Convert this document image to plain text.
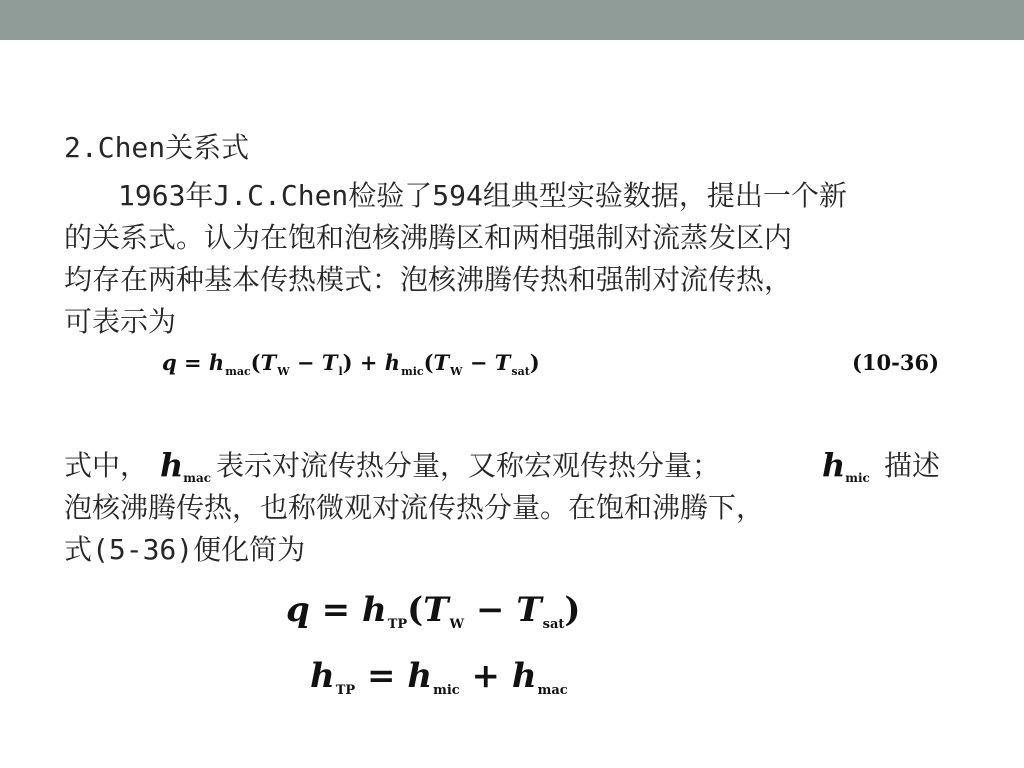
2.Chen关系式
1963年J.C.Chen检验了594组典型实验数据，提出一个新
的关系式。认为在饱和泡核沸腾区和两相强制对流蒸发区内
均存在两种基本传热模式：泡核沸腾传热和强制对流传热，
可表示为
$q = h_{mac}(T_W - T_l) + h_{mic}(T_W - T_{sat})$	(10-36)
式中， $h_{mac}$ 表示对流传热分量，又称宏观传热分量；	$h_{mic}$ 描述
泡核沸腾传热，也称微观对流传热分量。在饱和沸腾下，
式(5-36)便化简为
$q = h_{TP}(T_W - T_{sat})$
$h_{TP} = h_{mic} + h_{mac}$
